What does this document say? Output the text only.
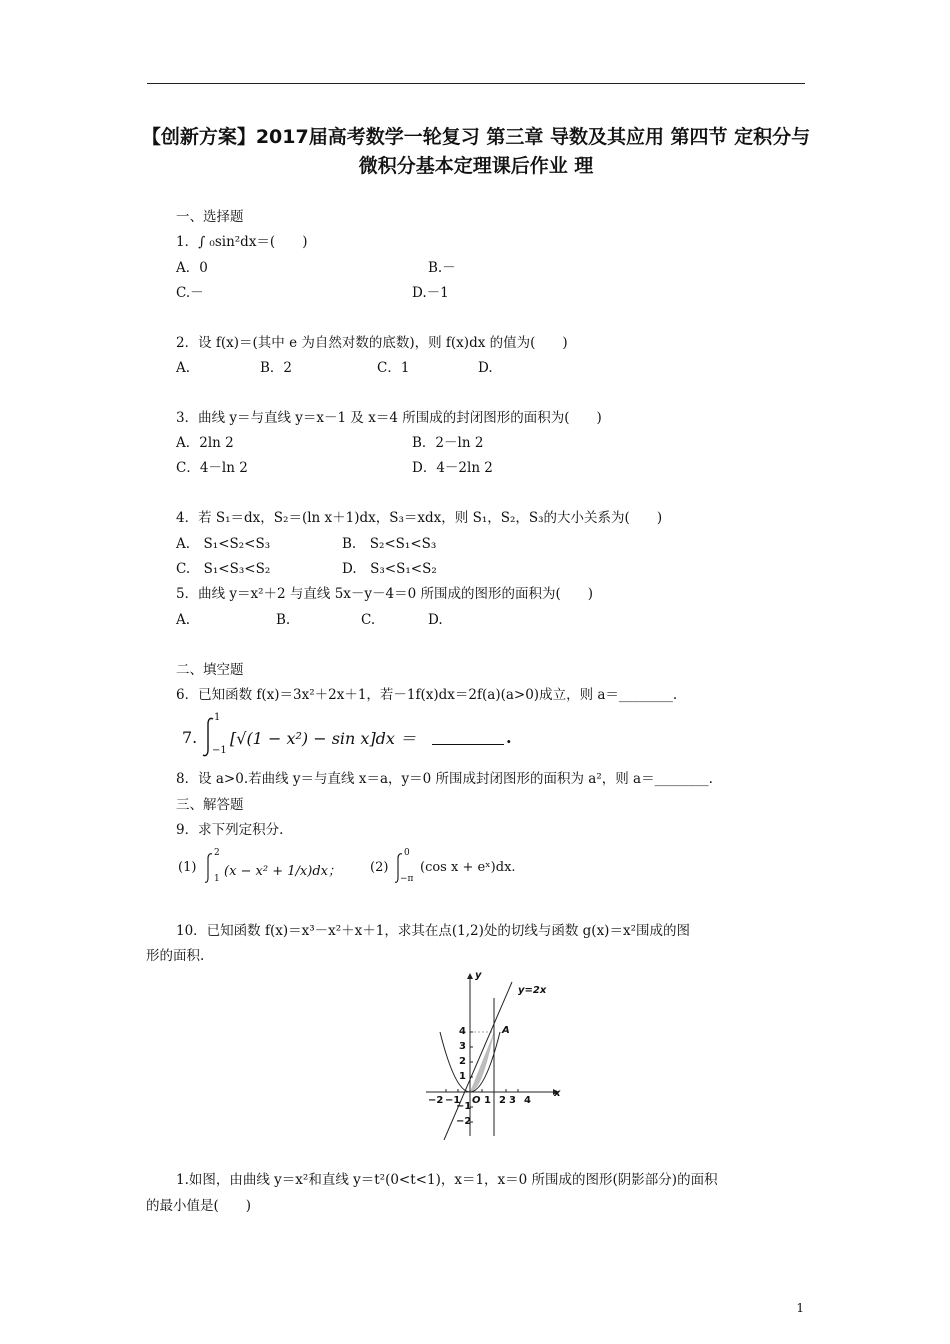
【创新方案】2017届高考数学一轮复习 第三章 导数及其应用 第四节 定积分与微积分基本定理课后作业 理
一、选择题
1．∫ ₀sin²dx＝(　　)
A．0	B.－
C.－	D.－1
2．设 f(x)＝(其中 e 为自然对数的底数)，则 f(x)dx 的值为(　　)
A.	B．2	C．1	D.
3．曲线 y＝与直线 y＝x－1 及 x＝4 所围成的封闭图形的面积为(　　)
A．2ln 2	B．2－ln 2
C．4－ln 2	D．4－2ln 2
4．若 S₁＝dx，S₂＝(ln x＋1)dx，S₃＝xdx，则 S₁，S₂，S₃的大小关系为(　　)
A.　S₁<S₂<S₃	B.　S₂<S₁<S₃
C.　S₁<S₃<S₂	D.　S₃<S₁<S₂
5．曲线 y＝x²＋2 与直线 5x－y－4＝0 所围成的图形的面积为(　　)
A.	B.	C.	D.
二、填空题
6．已知函数 f(x)＝3x²＋2x＋1，若－1f(x)dx＝2f(a)(a>0)成立，则 a＝________.
7.
1
−1
[√(1 − x²) − sin x]dx ＝	.
8．设 a>0.若曲线 y＝与直线 x＝a，y＝0 所围成封闭图形的面积为 a²，则 a＝________.
三、解答题
9．求下列定积分.
(1)
2
1 (x − x² + 1/x)dx； (2)
0
−π
(cos x + eˣ)dx.
10．已知函数 f(x)＝x³－x²＋x＋1，求其在点(1,2)处的切线与函数 g(x)＝x²围成的图
形的面积.
y
x
y=2x
A
O
−2 −1 1 2 3 4
4
3
2
1
−1
−2
1.如图，由曲线 y＝x²和直线 y＝t²(0<t<1)，x＝1，x＝0 所围成的图形(阴影部分)的面积
的最小值是(　　)
1
